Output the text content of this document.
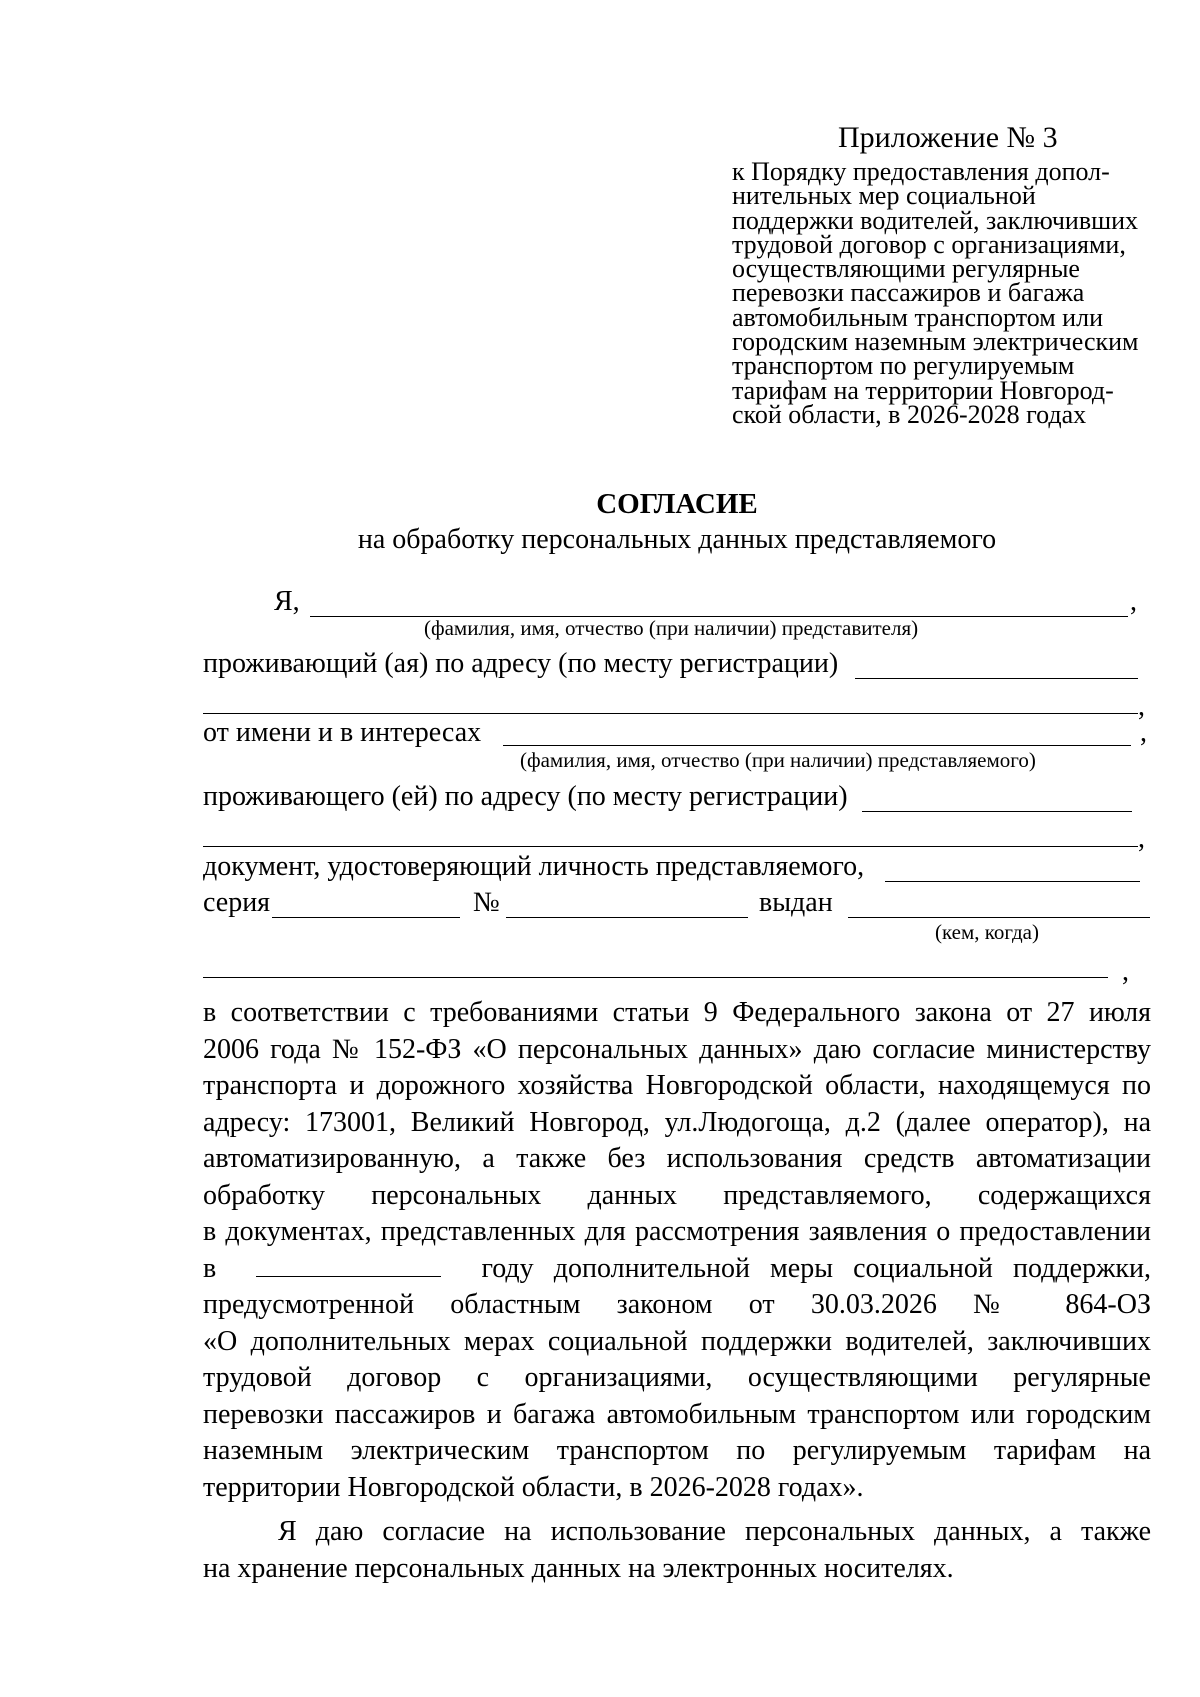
Приложение № 3
к Порядку предоставления допол-
нительных мер социальной
поддержки водителей, заключивших
трудовой договор с организациями,
осуществляющими регулярные
перевозки пассажиров и багажа
автомобильным транспортом или
городским наземным электрическим
транспортом по регулируемым
тарифам на территории Новгород-
ской области, в 2026-2028 годах
СОГЛАСИЕ
на обработку персональных данных представляемого
Я,	,
(фамилия, имя, отчество (при наличии) представителя)
проживающий (ая) по адресу (по месту регистрации)
,
от имени и в интересах	,
(фамилия, имя, отчество (при наличии) представляемого)
проживающего (ей) по адресу (по месту регистрации)
,
документ, удостоверяющий личность представляемого,
серия	№	выдан
(кем, когда)
,
в соответствии с требованиями статьи 9 Федерального закона от 27 июля
2006 года № 152-ФЗ «О персональных данных» даю согласие министерству
транспорта и дорожного хозяйства Новгородской области, находящемуся по
адресу: 173001, Великий Новгород, ул.Людогоща, д.2 (далее оператор), на
автоматизированную, а также без использования средств автоматизации
обработку персональных данных представляемого, содержащихся
в документах, представленных для рассмотрения заявления о предоставлении
в	году дополнительной меры социальной поддержки,
предусмотренной областным законом от 30.03.2026 № 864-ОЗ
«О дополнительных мерах социальной поддержки водителей, заключивших
трудовой договор с организациями, осуществляющими регулярные
перевозки пассажиров и багажа автомобильным транспортом или городским
наземным электрическим транспортом по регулируемым тарифам на
территории Новгородской области, в 2026-2028 годах».
Я даю согласие на использование персональных данных, а также
на хранение персональных данных на электронных носителях.
